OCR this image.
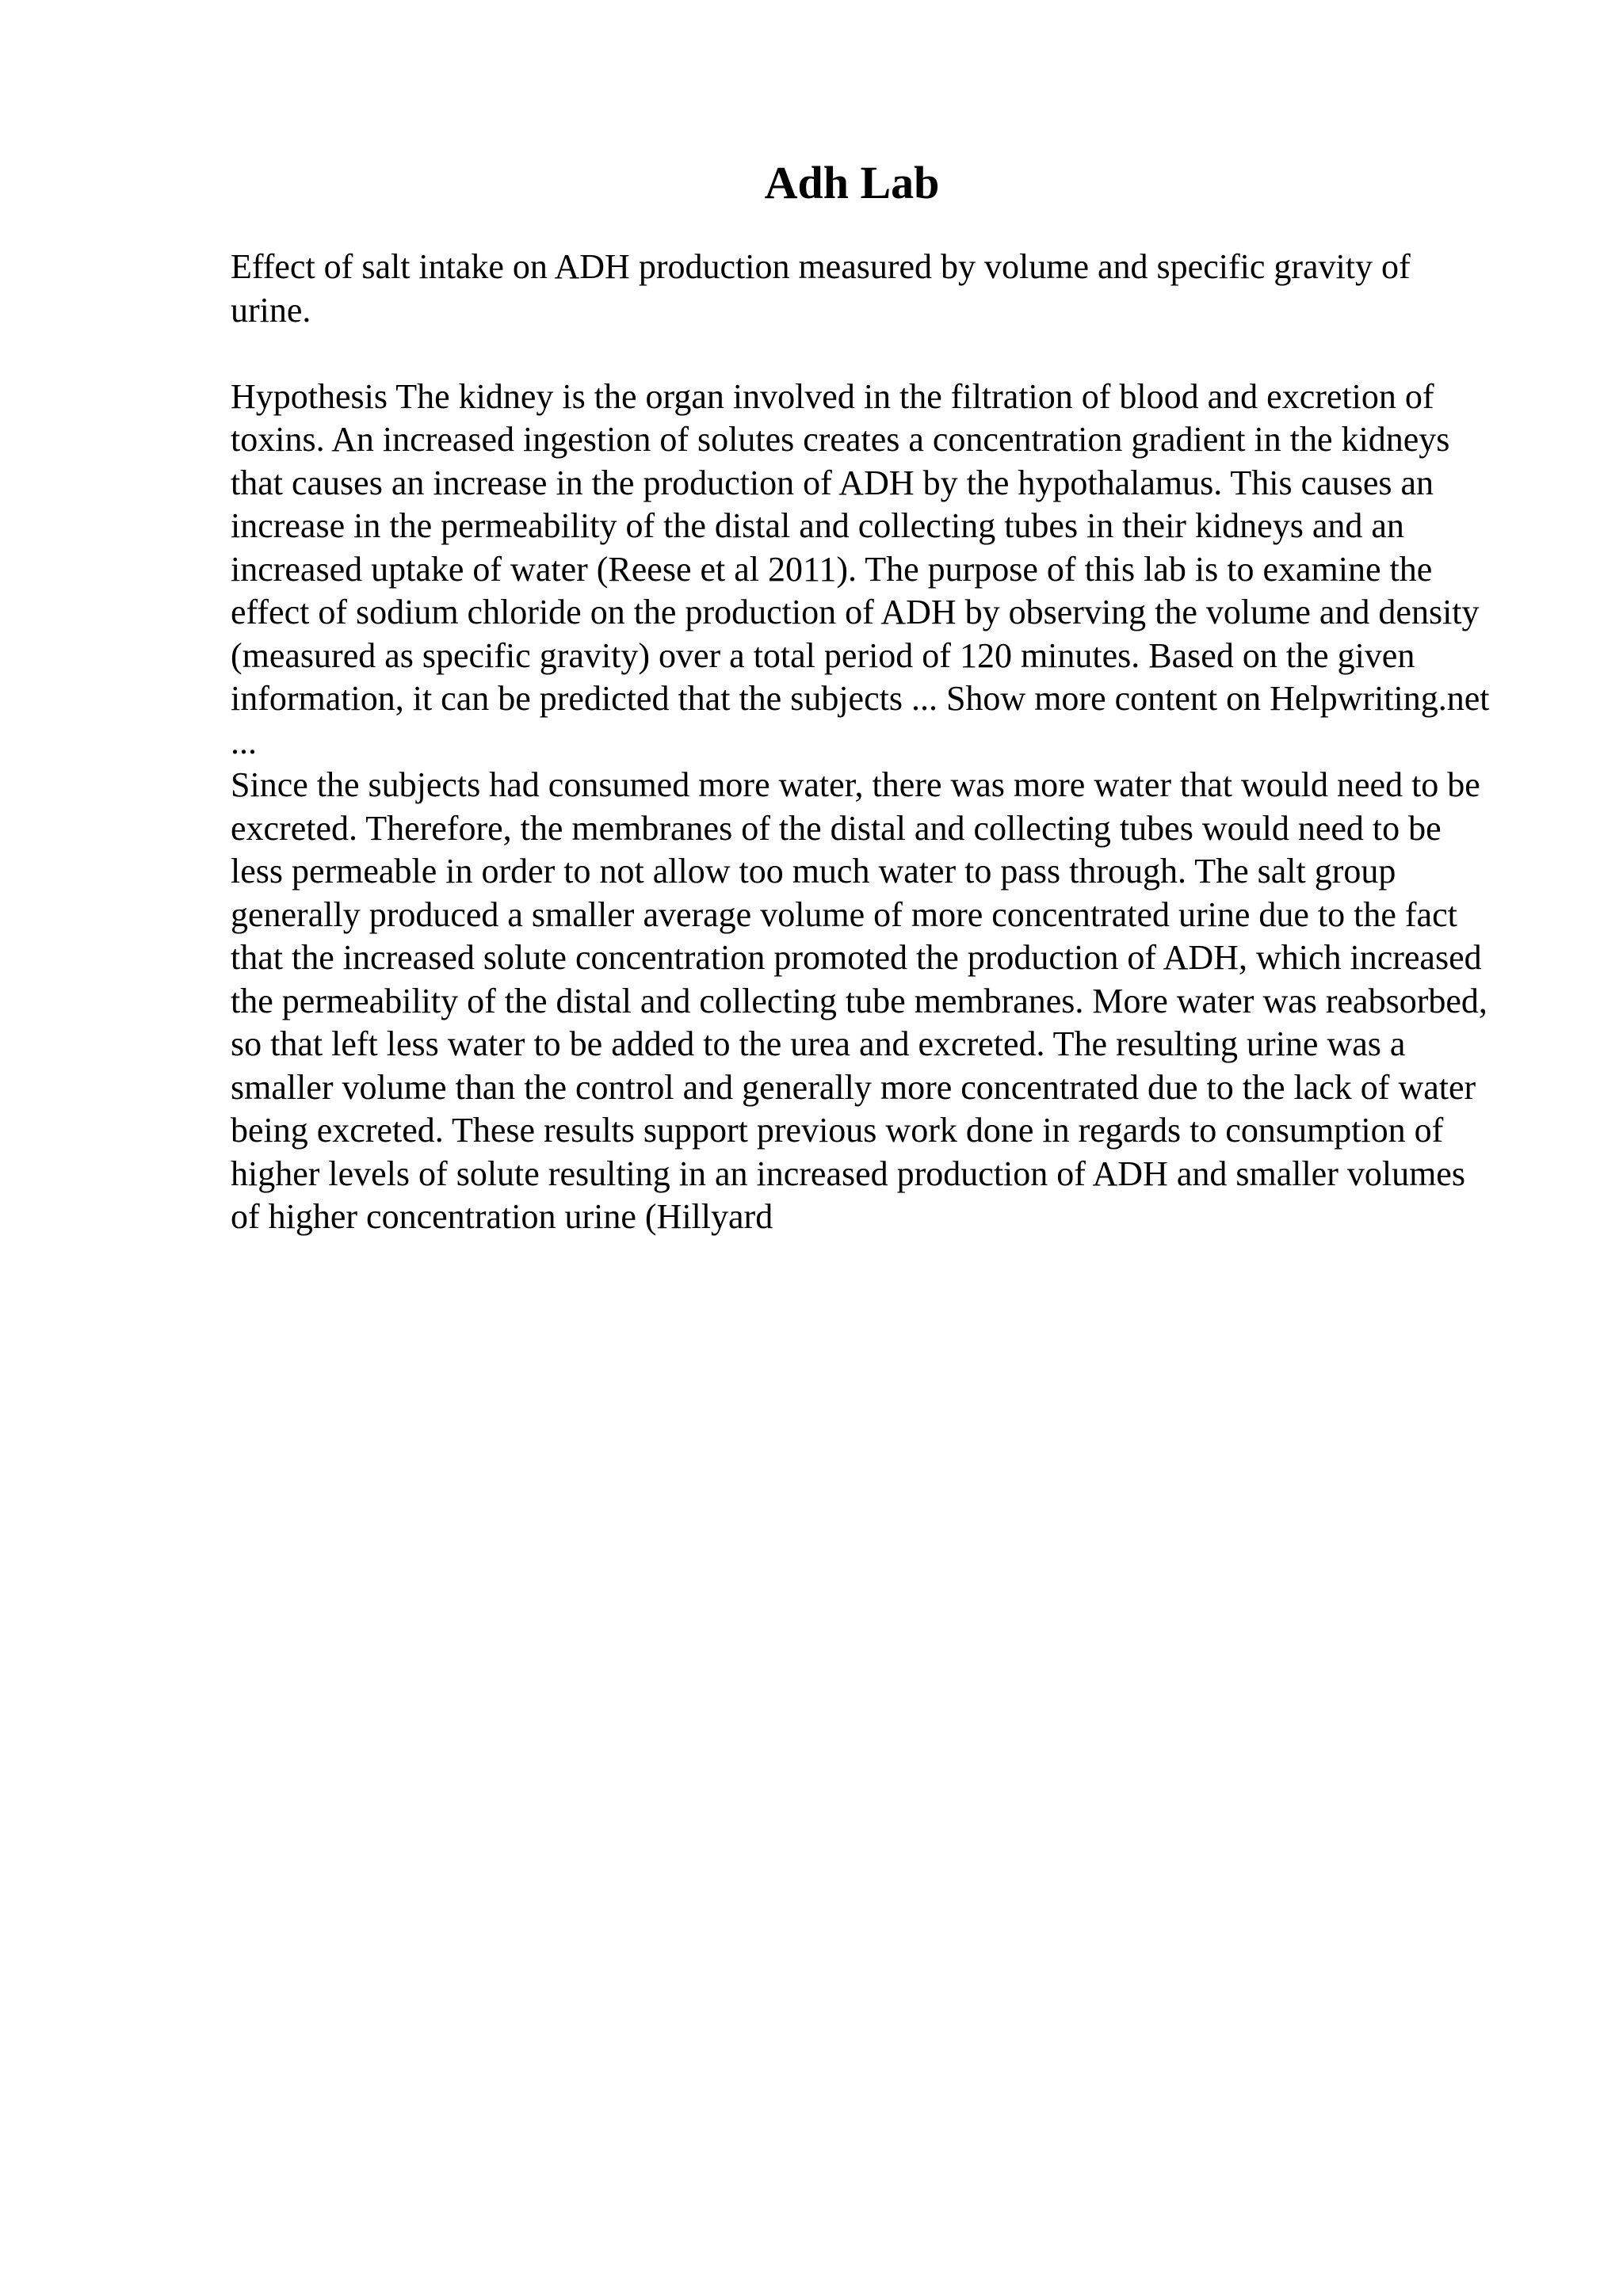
Adh Lab

Effect of salt intake on ADH production measured by volume and specific gravity of urine.

Hypothesis The kidney is the organ involved in the filtration of blood and excretion of toxins. An increased ingestion of solutes creates a concentration gradient in the kidneys that causes an increase in the production of ADH by the hypothalamus. This causes an increase in the permeability of the distal and collecting tubes in their kidneys and an increased uptake of water (Reese et al 2011). The purpose of this lab is to examine the effect of sodium chloride on the production of ADH by observing the volume and density (measured as specific gravity) over a total period of 120 minutes. Based on the given information, it can be predicted that the subjects ... Show more content on Helpwriting.net ...

Since the subjects had consumed more water, there was more water that would need to be excreted. Therefore, the membranes of the distal and collecting tubes would need to be less permeable in order to not allow too much water to pass through. The salt group generally produced a smaller average volume of more concentrated urine due to the fact that the increased solute concentration promoted the production of ADH, which increased the permeability of the distal and collecting tube membranes. More water was reabsorbed, so that left less water to be added to the urea and excreted. The resulting urine was a smaller volume than the control and generally more concentrated due to the lack of water being excreted. These results support previous work done in regards to consumption of higher levels of solute resulting in an increased production of ADH and smaller volumes of higher concentration urine (Hillyard
